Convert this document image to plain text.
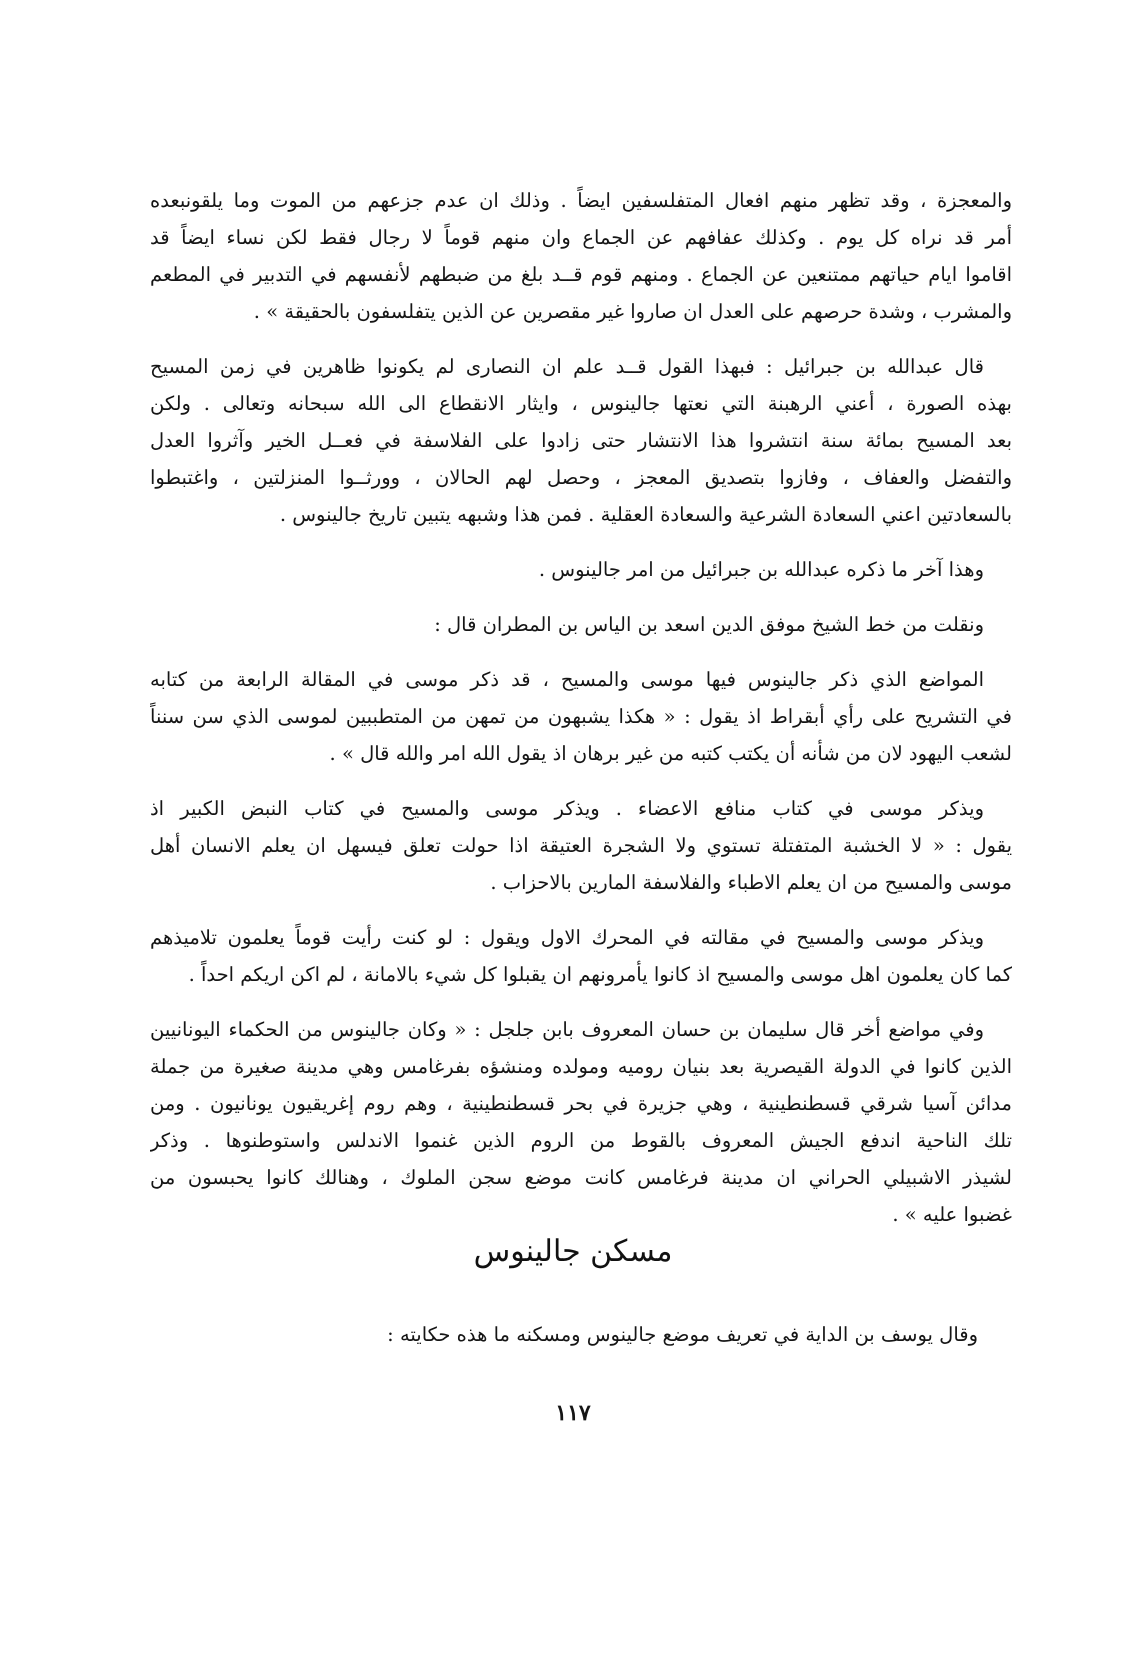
والمعجزة ، وقد تظهر منهم افعال المتفلسفين ايضاً . وذلك ان عدم جزعهم من الموت وما يلقونبعده
أمر قد نراه كل يوم . وكذلك عفافهم عن الجماع وان منهم قوماً لا رجال فقط لكن نساء ايضاً قد
اقاموا ايام حياتهم ممتنعين عن الجماع . ومنهم قوم قــد بلغ من ضبطهم لأنفسهم في التدبير في المطعم
والمشرب ، وشدة حرصهم على العدل ان صاروا غير مقصرين عن الذين يتفلسفون بالحقيقة » .
قال عبدالله بن جبرائيل : فبهذا القول قــد علم ان النصارى لم يكونوا ظاهرين في زمن المسيح
بهذه الصورة ، أعني الرهبنة التي نعتها جالينوس ، وايثار الانقطاع الى الله سبحانه وتعالى . ولكن
بعد المسيح بمائة سنة انتشروا هذا الانتشار حتى زادوا على الفلاسفة في فعــل الخير وآثروا العدل
والتفضل والعفاف ، وفازوا بتصديق المعجز ، وحصل لهم الحالان ، وورثــوا المنزلتين ، واغتبطوا
بالسعادتين اعني السعادة الشرعية والسعادة العقلية . فمن هذا وشبهه يتبين تاريخ جالينوس .
وهذا آخر ما ذكره عبدالله بن جبرائيل من امر جالينوس .
ونقلت من خط الشيخ موفق الدين اسعد بن الياس بن المطران قال :
المواضع الذي ذكر جالينوس فيها موسى والمسيح ، قد ذكر موسى في المقالة الرابعة من كتابه
في التشريح على رأي أبقراط اذ يقول : « هكذا يشبهون من تمهن من المتطببين لموسى الذي سن سنناً
لشعب اليهود لان من شأنه أن يكتب كتبه من غير برهان اذ يقول الله امر والله قال » .
ويذكر موسى في كتاب منافع الاعضاء . ويذكر موسى والمسيح في كتاب النبض الكبير اذ
يقول : « لا الخشبة المتفتلة تستوي ولا الشجرة العتيقة اذا حولت تعلق فيسهل ان يعلم الانسان أهل
موسى والمسيح من ان يعلم الاطباء والفلاسفة المارين بالاحزاب .
ويذكر موسى والمسيح في مقالته في المحرك الاول ويقول : لو كنت رأيت قوماً يعلمون تلاميذهم
كما كان يعلمون اهل موسى والمسيح اذ كانوا يأمرونهم ان يقبلوا كل شيء بالامانة ، لم اكن اريكم احداً .
وفي مواضع أخر قال سليمان بن حسان المعروف بابن جلجل : « وكان جالينوس من الحكماء اليونانيين
الذين كانوا في الدولة القيصرية بعد بنيان روميه ومولده ومنشؤه بفرغامس وهي مدينة صغيرة من جملة
مدائن آسيا شرقي قسطنطينية ، وهي جزيرة في بحر قسطنطينية ، وهم روم إغريقيون يونانيون . ومن
تلك الناحية اندفع الجيش المعروف بالقوط من الروم الذين غنموا الاندلس واستوطنوها . وذكر
لشيذر الاشبيلي الحراني ان مدينة فرغامس كانت موضع سجن الملوك ، وهنالك كانوا يحبسون من
غضبوا عليه » .
مسكن جالينوس
وقال يوسف بن الداية في تعريف موضع جالينوس ومسكنه ما هذه حكايته :
١١٧
